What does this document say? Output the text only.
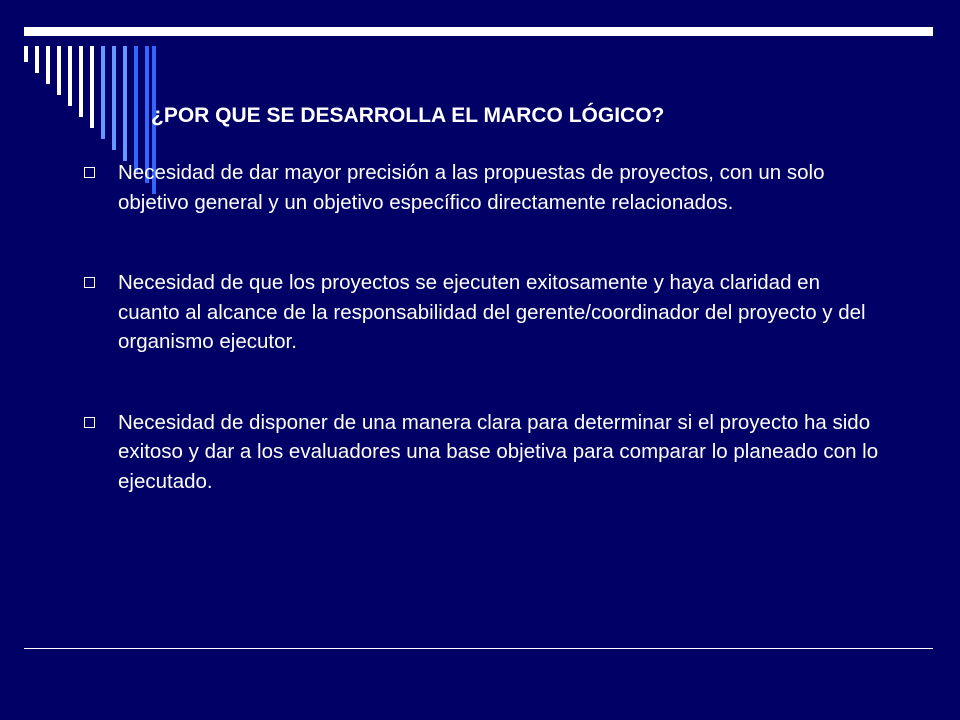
¿POR QUE SE DESARROLLA EL MARCO LÓGICO?
Necesidad de dar mayor precisión a las propuestas de proyectos, con un solo objetivo general y un objetivo específico directamente relacionados.
Necesidad de que los proyectos se ejecuten exitosamente y haya claridad en cuanto al alcance de la responsabilidad del gerente/coordinador del proyecto y del organismo ejecutor.
Necesidad de disponer de una manera clara para determinar si el proyecto ha sido exitoso y dar a los evaluadores una base objetiva para comparar lo planeado con lo ejecutado.
